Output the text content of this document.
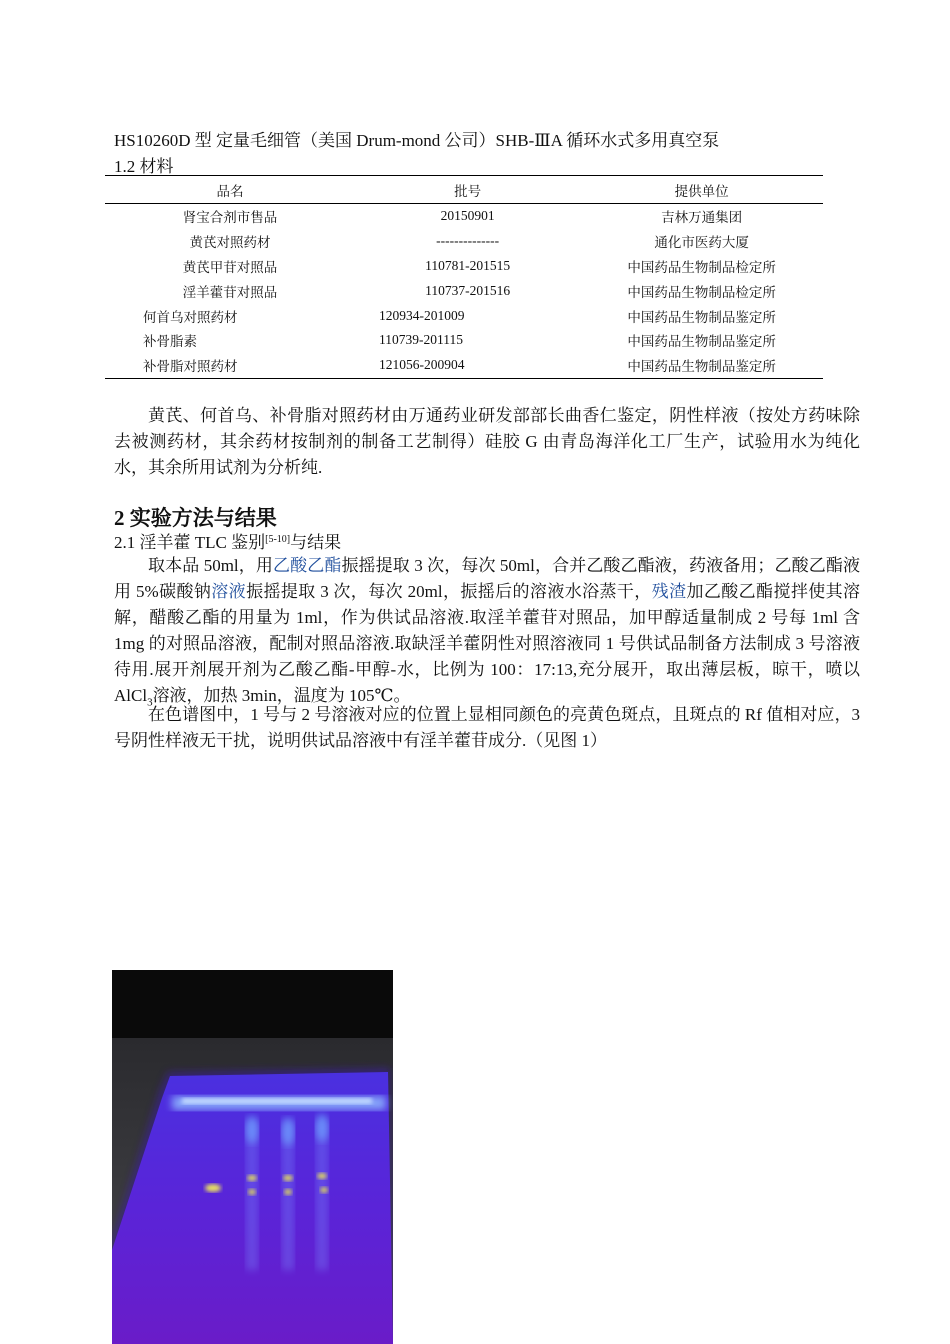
HS10260D 型 定量毛细管（美国 Drum-mond 公司）SHB-ⅢA 循环水式多用真空泵
1.2 材料
品名	批号	提供单位
肾宝合剂市售品	20150901	吉林万通集团
黄芪对照药材	--------------	通化市医药大厦
黄芪甲苷对照品	110781-201515	中国药品生物制品检定所
淫羊藿苷对照品	110737-201516	中国药品生物制品检定所
何首乌对照药材	120934-201009	中国药品生物制品鉴定所
补骨脂素	110739-201115	中国药品生物制品鉴定所
补骨脂对照药材	121056-200904	中国药品生物制品鉴定所

黄芪、何首乌、补骨脂对照药材由万通药业研发部部长曲香仁鉴定，阴性样液（按处方药味除去被测药材，其余药材按制剂的制备工艺制得）硅胶 G 由青岛海洋化工厂生产，试验用水为纯化水，其余所用试剂为分析纯.

2 实验方法与结果
2.1 淫羊藿 TLC 鉴别[5-10]与结果

取本品 50ml，用乙酸乙酯振摇提取 3 次，每次 50ml，合并乙酸乙酯液，药液备用；乙酸乙酯液用 5%碳酸钠溶液振摇提取 3 次，每次 20ml，振摇后的溶液水浴蒸干，残渣加乙酸乙酯搅拌使其溶解，醋酸乙酯的用量为 1ml，作为供试品溶液.取淫羊藿苷对照品，加甲醇适量制成 2 号每 1ml 含 1mg 的对照品溶液，配制对照品溶液.取缺淫羊藿阴性对照溶液同 1 号供试品制备方法制成 3 号溶液待用.展开剂展开剂为乙酸乙酯-甲醇-水，比例为 100：17:13,充分展开，取出薄层板，晾干，喷以 AlCl$_3$溶液，加热 3min，温度为 105℃。

在色谱图中，1 号与 2 号溶液对应的位置上显相同颜色的亮黄色斑点，且斑点的 Rf 值相对应，3 号阴性样液无干扰，说明供试品溶液中有淫羊藿苷成分.（见图 1）
